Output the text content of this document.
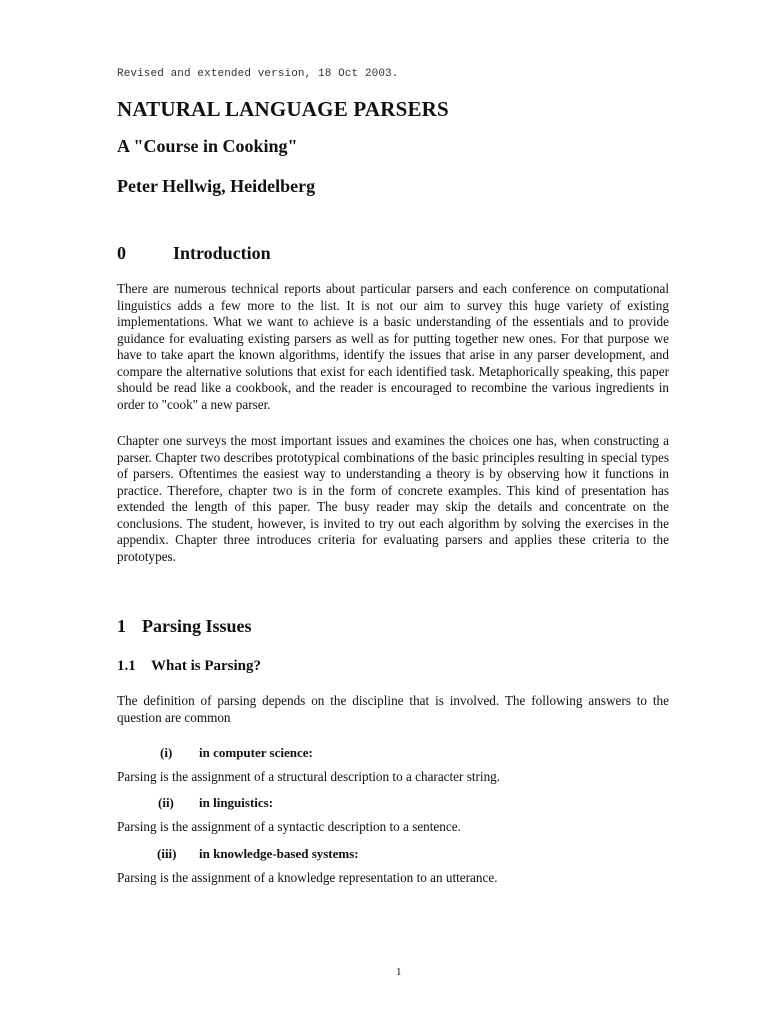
Revised and extended version, 18 Oct 2003.
NATURAL LANGUAGE PARSERS
A "Course in Cooking"
Peter Hellwig, Heidelberg
0	Introduction

There are numerous technical reports about particular parsers and each conference on computational linguistics adds a few more to the list. It is not our aim to survey this huge variety of existing implementations. What we want to achieve is a basic understanding of the essentials and to provide guidance for evaluating existing parsers as well as for putting together new ones. For that purpose we have to take apart the known algorithms, identify the issues that arise in any parser development, and compare the alternative solutions that exist for each identified task. Metaphorically speaking, this paper should be read like a cookbook, and the reader is encouraged to recombine the various ingredients in order to "cook" a new parser.

Chapter one surveys the most important issues and examines the choices one has, when constructing a parser. Chapter two describes prototypical combinations of the basic principles resulting in special types of parsers. Oftentimes the easiest way to understanding a theory is by observing how it functions in practice. Therefore, chapter two is in the form of concrete examples. This kind of presentation has extended the length of this paper. The busy reader may skip the details and concentrate on the conclusions. The student, however, is invited to try out each algorithm by solving the exercises in the appendix. Chapter three introduces criteria for evaluating parsers and applies these criteria to the prototypes.

1 Parsing Issues
1.1 What is Parsing?

The definition of parsing depends on the discipline that is involved. The following answers to the question are common

(i) in computer science:

Parsing is the assignment of a structural description to a character string.

(ii) in linguistics:

Parsing is the assignment of a syntactic description to a sentence.

(iii) in knowledge-based systems:

Parsing is the assignment of a knowledge representation to an utterance.

1
